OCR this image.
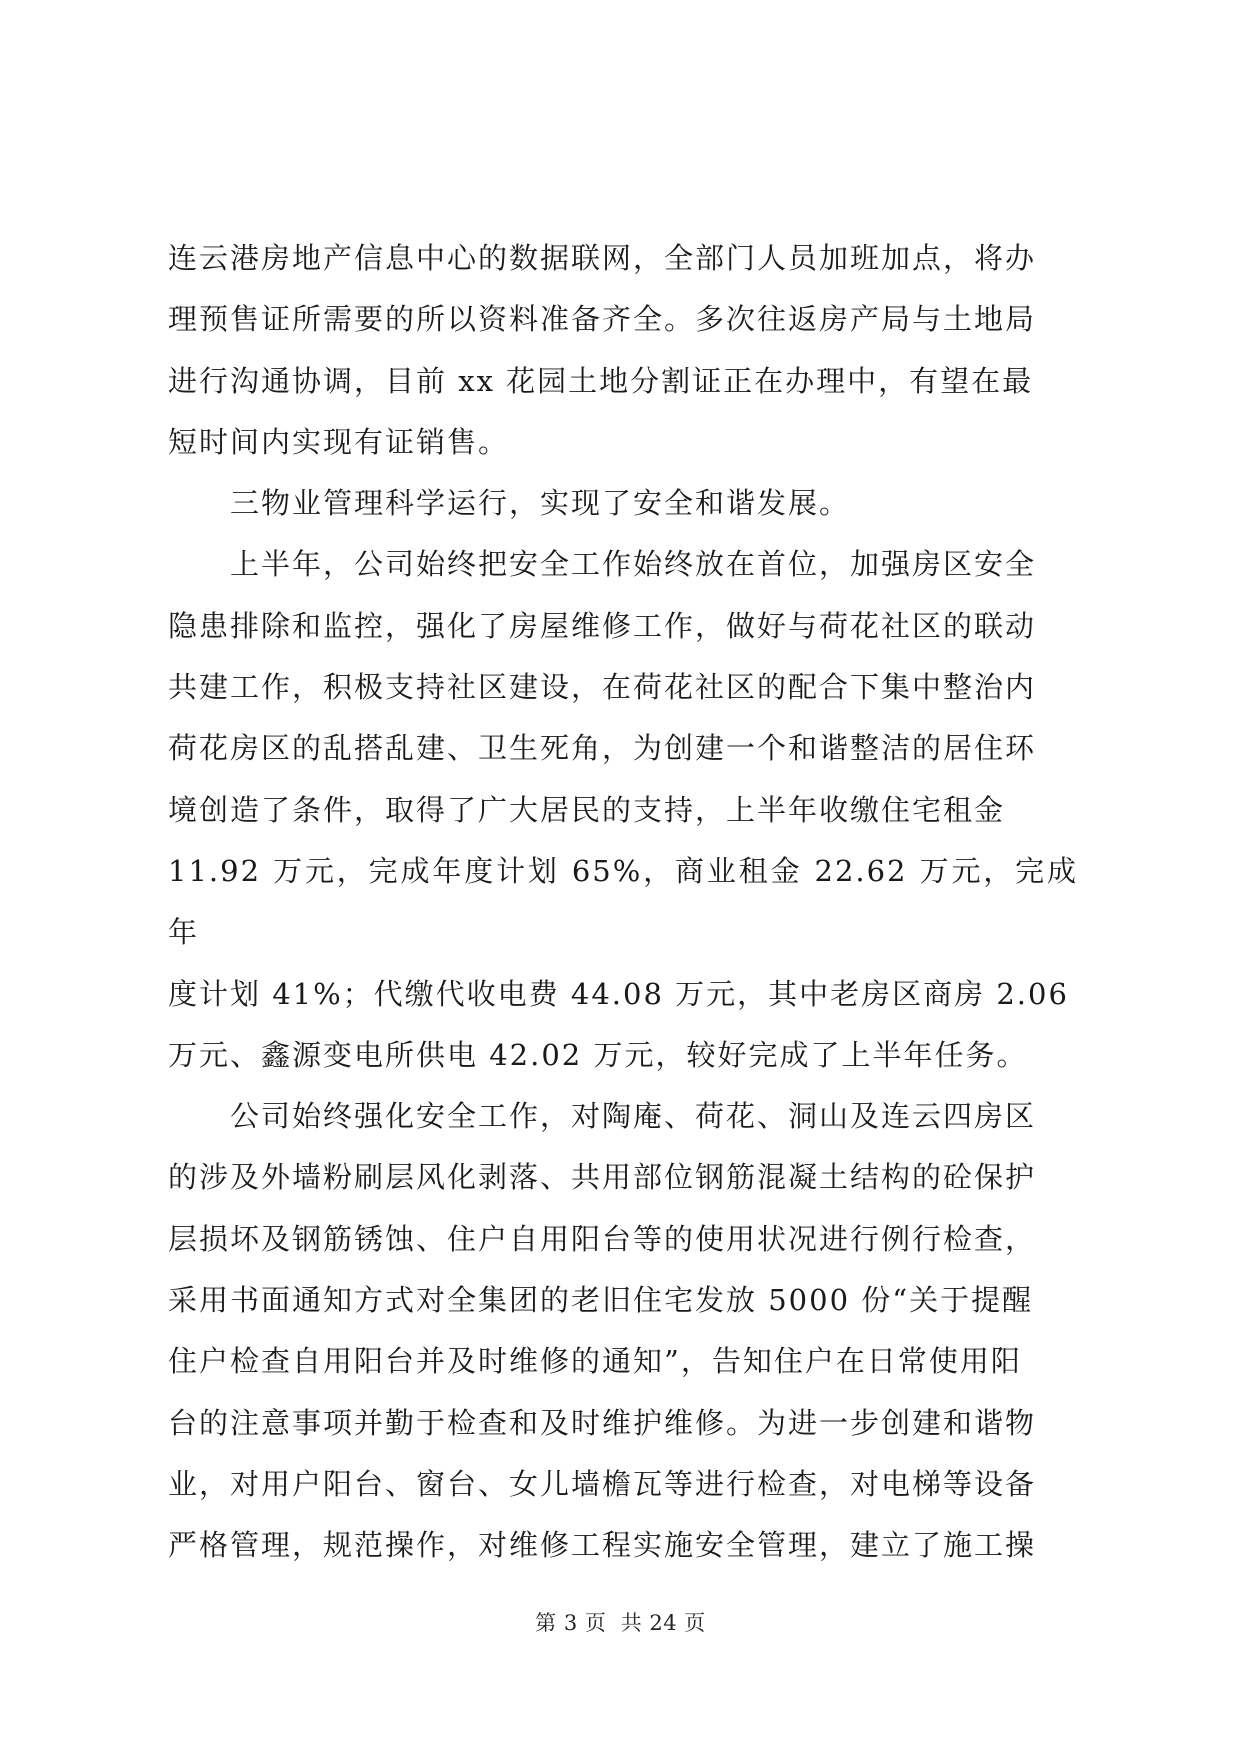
连云港房地产信息中心的数据联网，全部门人员加班加点，将办
理预售证所需要的所以资料准备齐全。多次往返房产局与土地局
进行沟通协调，目前 xx 花园土地分割证正在办理中，有望在最
短时间内实现有证销售。
三物业管理科学运行，实现了安全和谐发展。
上半年，公司始终把安全工作始终放在首位，加强房区安全
隐患排除和监控，强化了房屋维修工作，做好与荷花社区的联动
共建工作，积极支持社区建设，在荷花社区的配合下集中整治内
荷花房区的乱搭乱建、卫生死角，为创建一个和谐整洁的居住环
境创造了条件，取得了广大居民的支持，上半年收缴住宅租金
11.92 万元，完成年度计划 65%，商业租金 22.62 万元，完成年
度计划 41%；代缴代收电费 44.08 万元，其中老房区商房 2.06
万元、鑫源变电所供电 42.02 万元，较好完成了上半年任务。
公司始终强化安全工作，对陶庵、荷花、洞山及连云四房区
的涉及外墙粉刷层风化剥落、共用部位钢筋混凝土结构的砼保护
层损坏及钢筋锈蚀、住户自用阳台等的使用状况进行例行检查，
采用书面通知方式对全集团的老旧住宅发放 5000 份“关于提醒
住户检查自用阳台并及时维修的通知”，告知住户在日常使用阳
台的注意事项并勤于检查和及时维护维修。为进一步创建和谐物
业，对用户阳台、窗台、女儿墙檐瓦等进行检查，对电梯等设备
严格管理，规范操作，对维修工程实施安全管理，建立了施工操
第 3 页  共 24 页
